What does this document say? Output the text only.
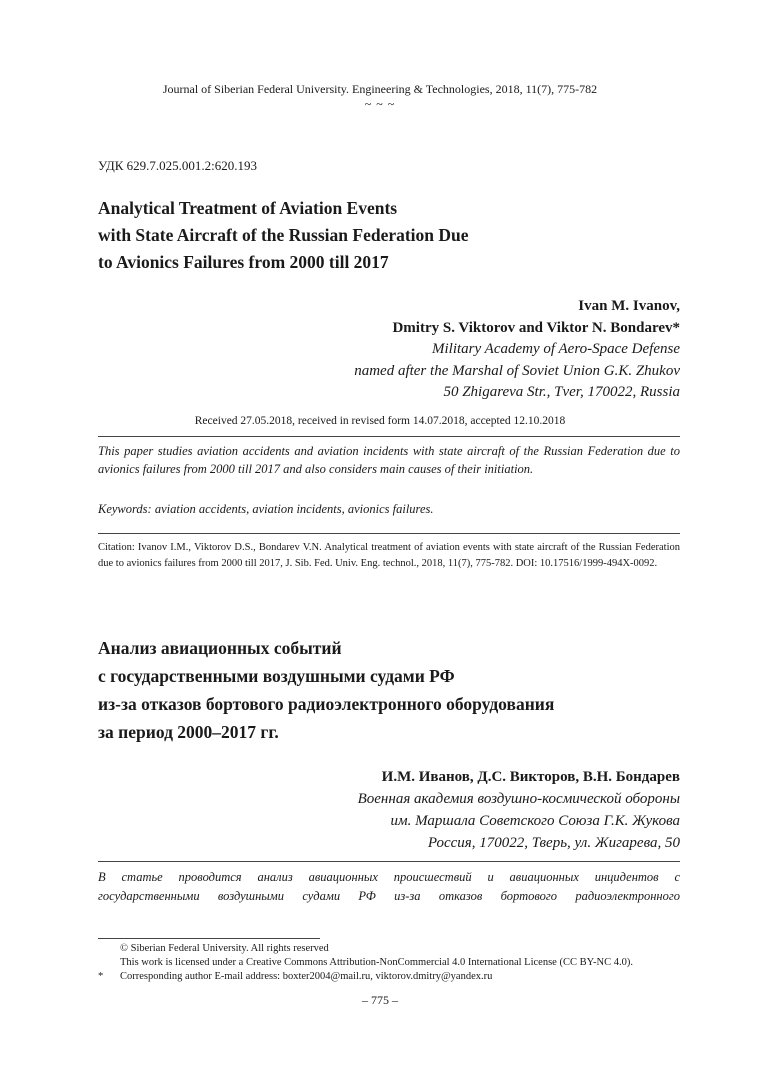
Journal of Siberian Federal University. Engineering & Technologies, 2018, 11(7), 775-782
~ ~ ~
УДК 629.7.025.001.2:620.193
Analytical Treatment of Aviation Events
with State Aircraft of the Russian Federation Due
to Avionics Failures from 2000 till 2017
Ivan M. Ivanov,
Dmitry S. Viktorov and Viktor N. Bondarev*
Military Academy of Aero-Space Defense
named after the Marshal of Soviet Union G.K. Zhukov
50 Zhigareva Str., Tver, 170022, Russia
Received 27.05.2018, received in revised form 14.07.2018, accepted 12.10.2018
This paper studies aviation accidents and aviation incidents with state aircraft of the Russian Federation due to avionics failures from 2000 till 2017 and also considers main causes of their initiation.
Keywords: aviation accidents, aviation incidents, avionics failures.
Citation: Ivanov I.M., Viktorov D.S., Bondarev V.N. Analytical treatment of aviation events with state aircraft of the Russian Federation due to avionics failures from 2000 till 2017, J. Sib. Fed. Univ. Eng. technol., 2018, 11(7), 775-782. DOI: 10.17516/1999-494X-0092.
Анализ авиационных событий
с государственными воздушными судами РФ
из-за отказов бортового радиоэлектронного оборудования
за период 2000–2017 гг.
И.М. Иванов, Д.С. Викторов, В.Н. Бондарев
Военная академия воздушно-космической обороны
им. Маршала Советского Союза Г.К. Жукова
Россия, 170022, Тверь, ул. Жигарева, 50
В статье проводится анализ авиационных происшествий и авиационных инцидентов с
государственными воздушными судами РФ из-за отказов бортового радиоэлектронного
© Siberian Federal University. All rights reserved
This work is licensed under a Creative Commons Attribution-NonCommercial 4.0 International License (CC BY-NC 4.0).
* Corresponding author E-mail address: boxter2004@mail.ru, viktorov.dmitry@yandex.ru
– 775 –
